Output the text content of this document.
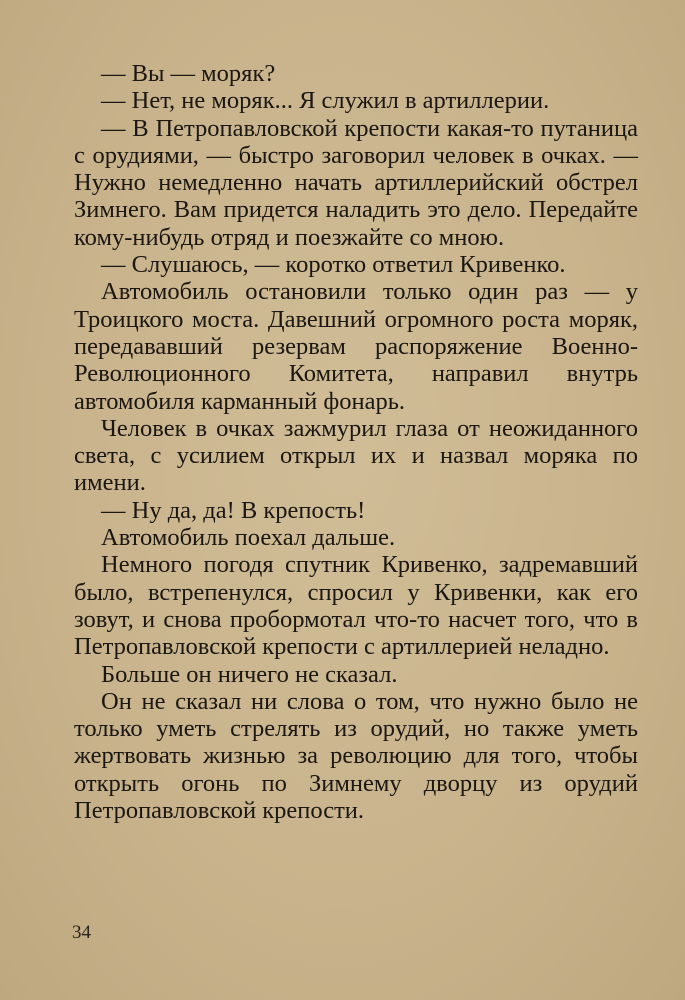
— Вы — моряк?

— Нет, не моряк... Я служил в артиллерии.

— В Петропавловской крепости какая-то путаница с орудиями, — быстро заговорил человек в очках. — Нужно немедленно начать артиллерийский обстрел Зимнего. Вам придется наладить это дело. Передайте кому-нибудь отряд и поезжайте со мною.

— Слушаюсь, — коротко ответил Кривенко.

Автомобиль остановили только один раз — у Троицкого моста. Давешний огромного роста моряк, передававший резервам распоряжение Военно-Революционного Комитета, направил внутрь автомобиля карманный фонарь.

Человек в очках зажмурил глаза от неожиданного света, с усилием открыл их и назвал моряка по имени.

— Ну да, да! В крепость!

Автомобиль поехал дальше.

Немного погодя спутник Кривенко, задремавший было, встрепенулся, спросил у Кривенки, как его зовут, и снова пробормотал что-то насчет того, что в Петропавловской крепости с артиллерией неладно.

Больше он ничего не сказал.

Он не сказал ни слова о том, что нужно было не только уметь стрелять из орудий, но также уметь жертвовать жизнью за революцию для того, чтобы открыть огонь по Зимнему дворцу из орудий Петропавловской крепости.

34
